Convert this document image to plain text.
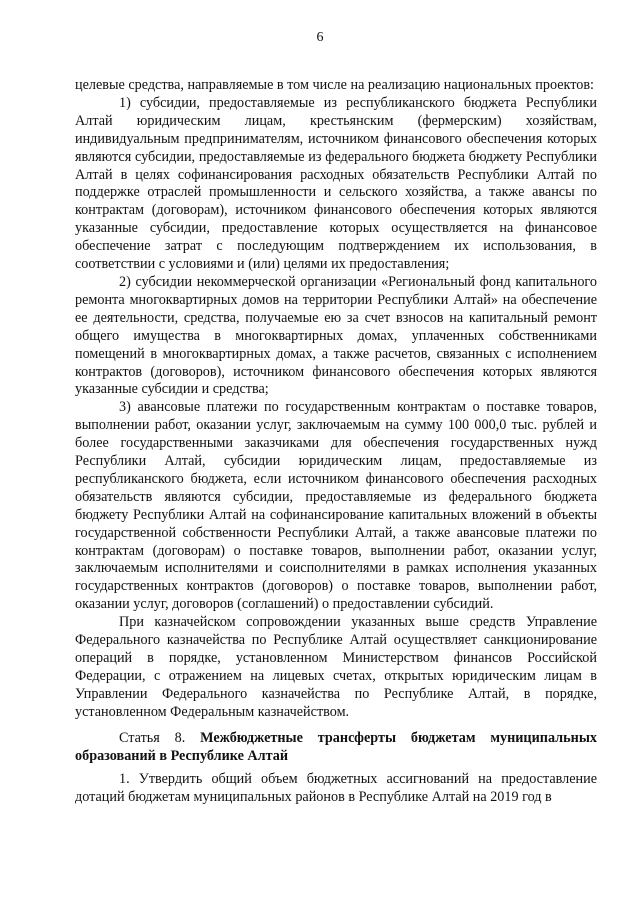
6

целевые средства, направляемые в том числе на реализацию национальных проектов:

1) субсидии, предоставляемые из республиканского бюджета Республики Алтай юридическим лицам, крестьянским (фермерским) хозяйствам, индивидуальным предпринимателям, источником финансового обеспечения которых являются субсидии, предоставляемые из федерального бюджета бюджету Республики Алтай в целях софинансирования расходных обязательств Республики Алтай по поддержке отраслей промышленности и сельского хозяйства, а также авансы по контрактам (договорам), источником финансового обеспечения которых являются указанные субсидии, предоставление которых осуществляется на финансовое обеспечение затрат с последующим подтверждением их использования, в соответствии с условиями и (или) целями их предоставления;

2) субсидии некоммерческой организации «Региональный фонд капитального ремонта многоквартирных домов на территории Республики Алтай» на обеспечение ее деятельности, средства, получаемые ею за счет взносов на капитальный ремонт общего имущества в многоквартирных домах, уплаченных собственниками помещений в многоквартирных домах, а также расчетов, связанных с исполнением контрактов (договоров), источником финансового обеспечения которых являются указанные субсидии и средства;

3) авансовые платежи по государственным контрактам о поставке товаров, выполнении работ, оказании услуг, заключаемым на сумму 100 000,0 тыс. рублей и более государственными заказчиками для обеспечения государственных нужд Республики Алтай, субсидии юридическим лицам, предоставляемые из республиканского бюджета, если источником финансового обеспечения расходных обязательств являются субсидии, предоставляемые из федерального бюджета бюджету Республики Алтай на софинансирование капитальных вложений в объекты государственной собственности Республики Алтай, а также авансовые платежи по контрактам (договорам) о поставке товаров, выполнении работ, оказании услуг, заключаемым исполнителями и соисполнителями в рамках исполнения указанных государственных контрактов (договоров) о поставке товаров, выполнении работ, оказании услуг, договоров (соглашений) о предоставлении субсидий.

При казначейском сопровождении указанных выше средств Управление Федерального казначейства по Республике Алтай осуществляет санкционирование операций в порядке, установленном Министерством финансов Российской Федерации, с отражением на лицевых счетах, открытых юридическим лицам в Управлении Федерального казначейства по Республике Алтай, в порядке, установленном Федеральным казначейством.

Статья 8. Межбюджетные трансферты бюджетам муниципальных образований в Республике Алтай

1. Утвердить общий объем бюджетных ассигнований на предоставление дотаций бюджетам муниципальных районов в Республике Алтай на 2019 год в
